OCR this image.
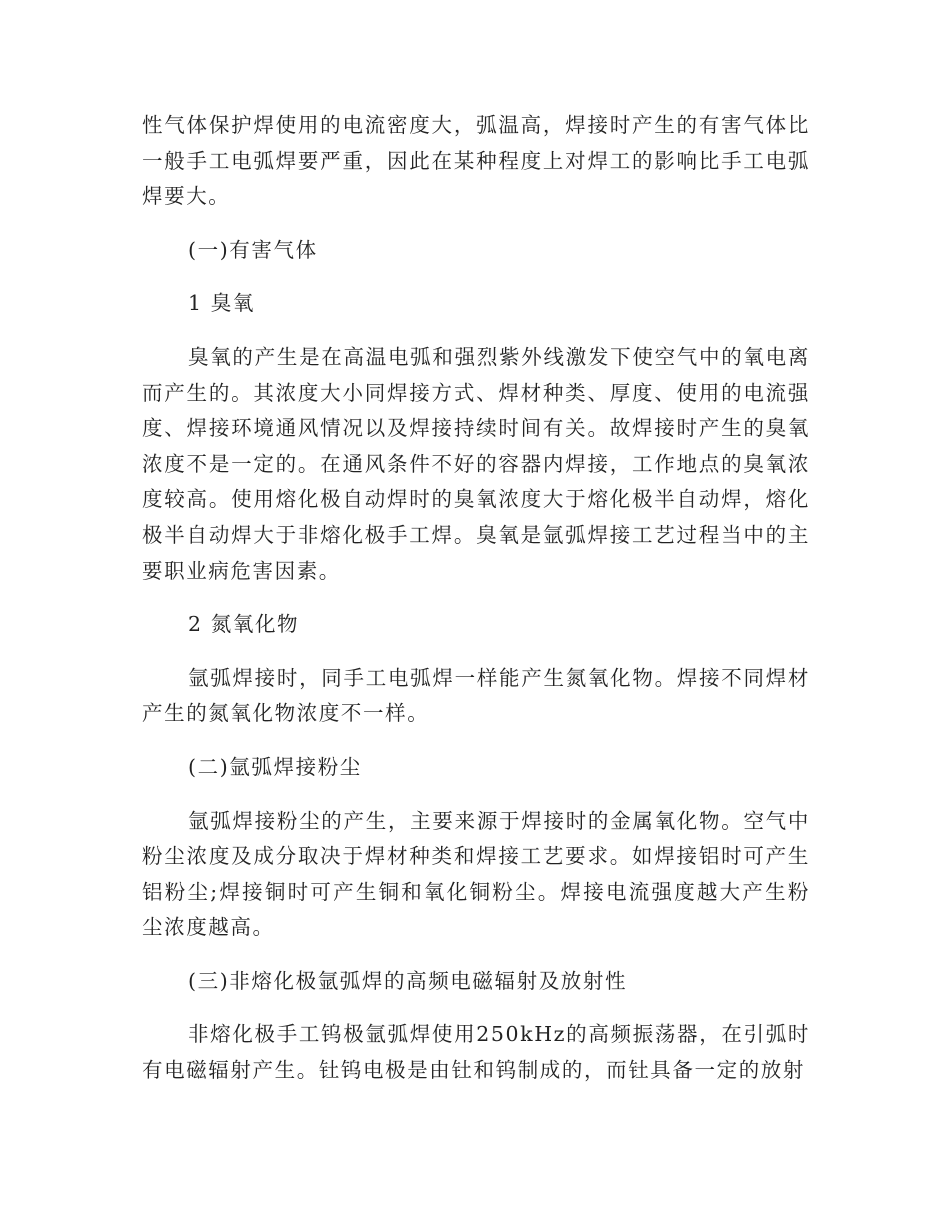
性气体保护焊使用的电流密度大，弧温高，焊接时产生的有害气体比一般手工电弧焊要严重，因此在某种程度上对焊工的影响比手工电弧焊要大。

(一)有害气体

1 臭氧

臭氧的产生是在高温电弧和强烈紫外线激发下使空气中的氧电离而产生的。其浓度大小同焊接方式、焊材种类、厚度、使用的电流强度、焊接环境通风情况以及焊接持续时间有关。故焊接时产生的臭氧浓度不是一定的。在通风条件不好的容器内焊接，工作地点的臭氧浓度较高。使用熔化极自动焊时的臭氧浓度大于熔化极半自动焊，熔化极半自动焊大于非熔化极手工焊。臭氧是氩弧焊接工艺过程当中的主要职业病危害因素。

2 氮氧化物

氩弧焊接时，同手工电弧焊一样能产生氮氧化物。焊接不同焊材产生的氮氧化物浓度不一样。

(二)氩弧焊接粉尘

氩弧焊接粉尘的产生，主要来源于焊接时的金属氧化物。空气中粉尘浓度及成分取决于焊材种类和焊接工艺要求。如焊接铝时可产生铝粉尘;焊接铜时可产生铜和氧化铜粉尘。焊接电流强度越大产生粉尘浓度越高。

(三)非熔化极氩弧焊的高频电磁辐射及放射性

非熔化极手工钨极氩弧焊使用250kHz的高频振荡器，在引弧时有电磁辐射产生。钍钨电极是由钍和钨制成的，而钍具备一定的放射
